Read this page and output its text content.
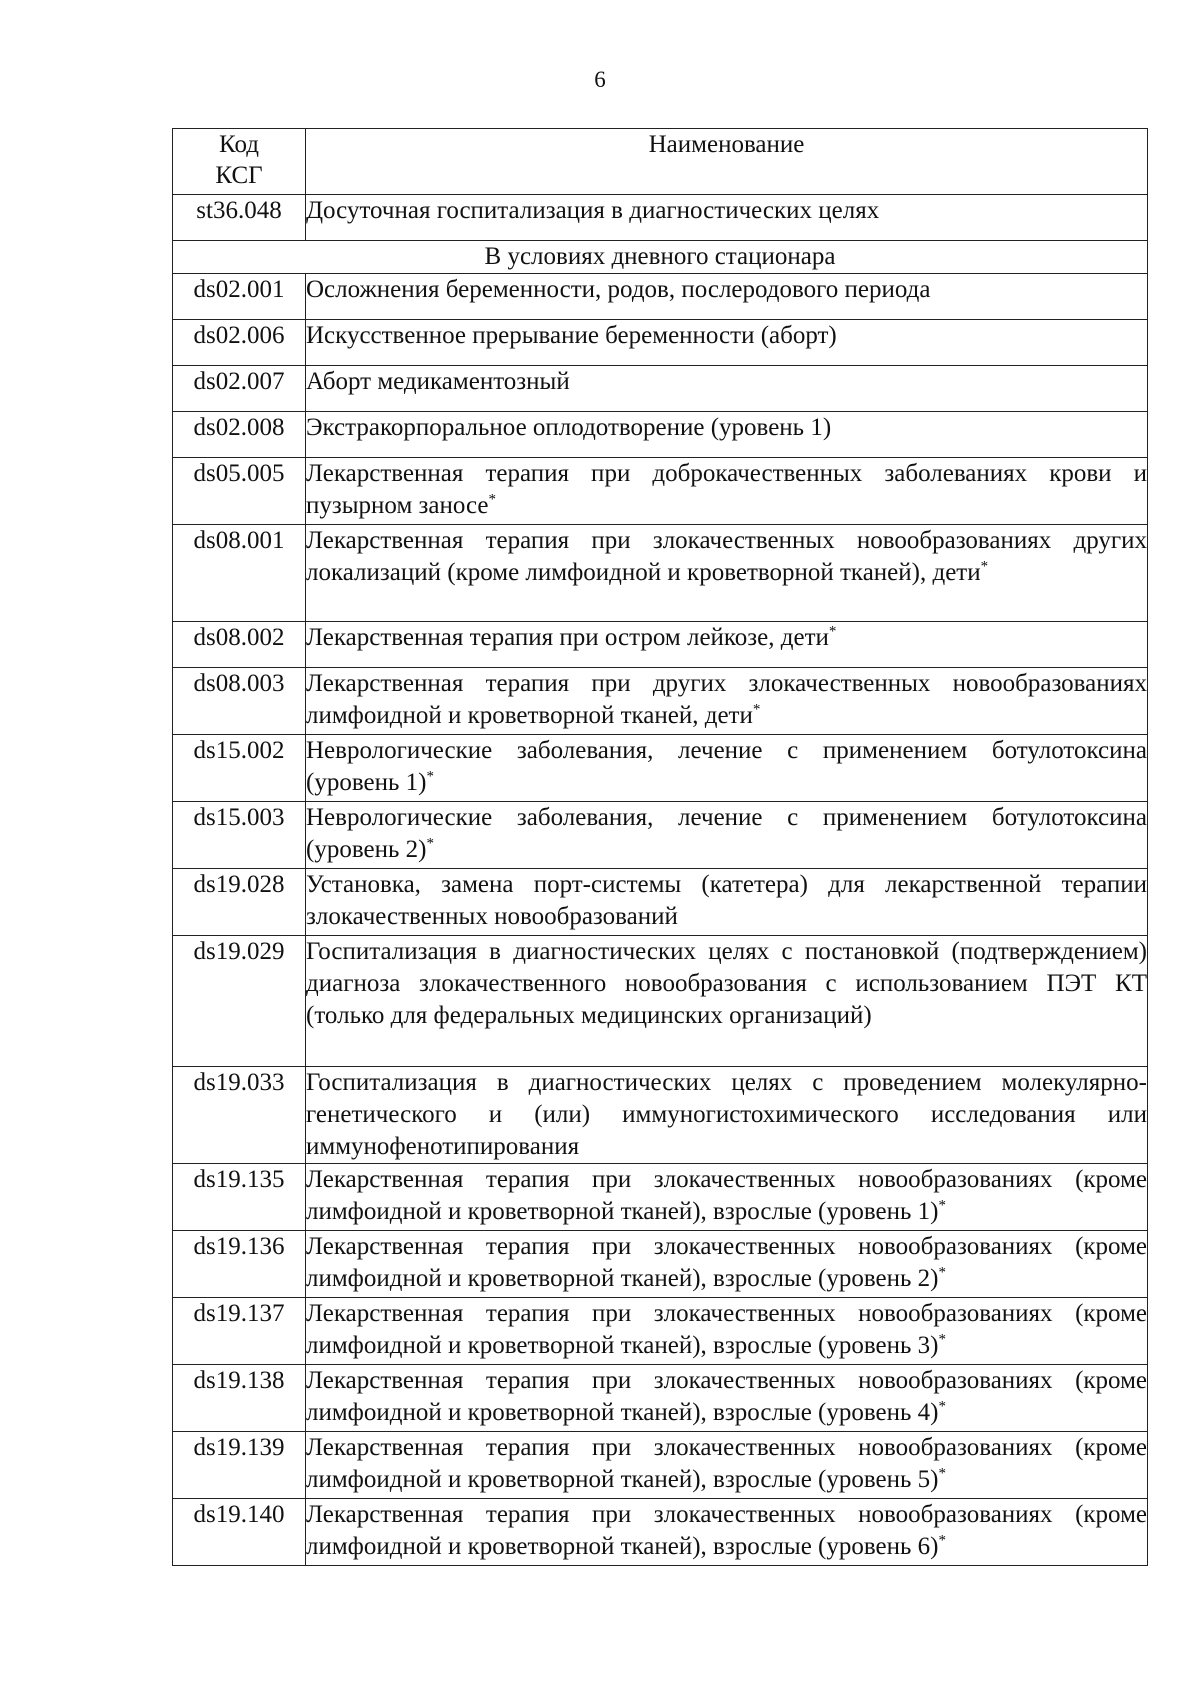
6
Код
КСГ	Наименование
st36.048	Досуточная госпитализация в диагностических целях
В условиях дневного стационара	
ds02.001	Осложнения беременности, родов, послеродового периода
ds02.006	Искусственное прерывание беременности (аборт)
ds02.007	Аборт медикаментозный
ds02.008	Экстракорпоральное оплодотворение (уровень 1)
ds05.005	Лекарственная терапия при доброкачественных заболеваниях крови и пузырном заносе*
ds08.001	Лекарственная терапия при злокачественных новообразованиях других локализаций (кроме лимфоидной и кроветворной тканей), дети*
ds08.002	Лекарственная терапия при остром лейкозе, дети*
ds08.003	Лекарственная терапия при других злокачественных новообразованиях лимфоидной и кроветворной тканей, дети*
ds15.002	Неврологические заболевания, лечение с применением ботулотоксина (уровень 1)*
ds15.003	Неврологические заболевания, лечение с применением ботулотоксина (уровень 2)*
ds19.028	Установка, замена порт-системы (катетера) для лекарственной терапии злокачественных новообразований
ds19.029	Госпитализация в диагностических целях с постановкой (подтверждением) диагноза злокачественного новообразования с использованием ПЭТ КТ (только для федеральных медицинских организаций)
ds19.033	Госпитализация в диагностических целях с проведением молекулярно-генетического и (или) иммуногистохимического исследования или иммунофенотипирования
ds19.135	Лекарственная терапия при злокачественных новообразованиях (кроме лимфоидной и кроветворной тканей), взрослые (уровень 1)*
ds19.136	Лекарственная терапия при злокачественных новообразованиях (кроме лимфоидной и кроветворной тканей), взрослые (уровень 2)*
ds19.137	Лекарственная терапия при злокачественных новообразованиях (кроме лимфоидной и кроветворной тканей), взрослые (уровень 3)*
ds19.138	Лекарственная терапия при злокачественных новообразованиях (кроме лимфоидной и кроветворной тканей), взрослые (уровень 4)*
ds19.139	Лекарственная терапия при злокачественных новообразованиях (кроме лимфоидной и кроветворной тканей), взрослые (уровень 5)*
ds19.140	Лекарственная терапия при злокачественных новообразованиях (кроме лимфоидной и кроветворной тканей), взрослые (уровень 6)*
